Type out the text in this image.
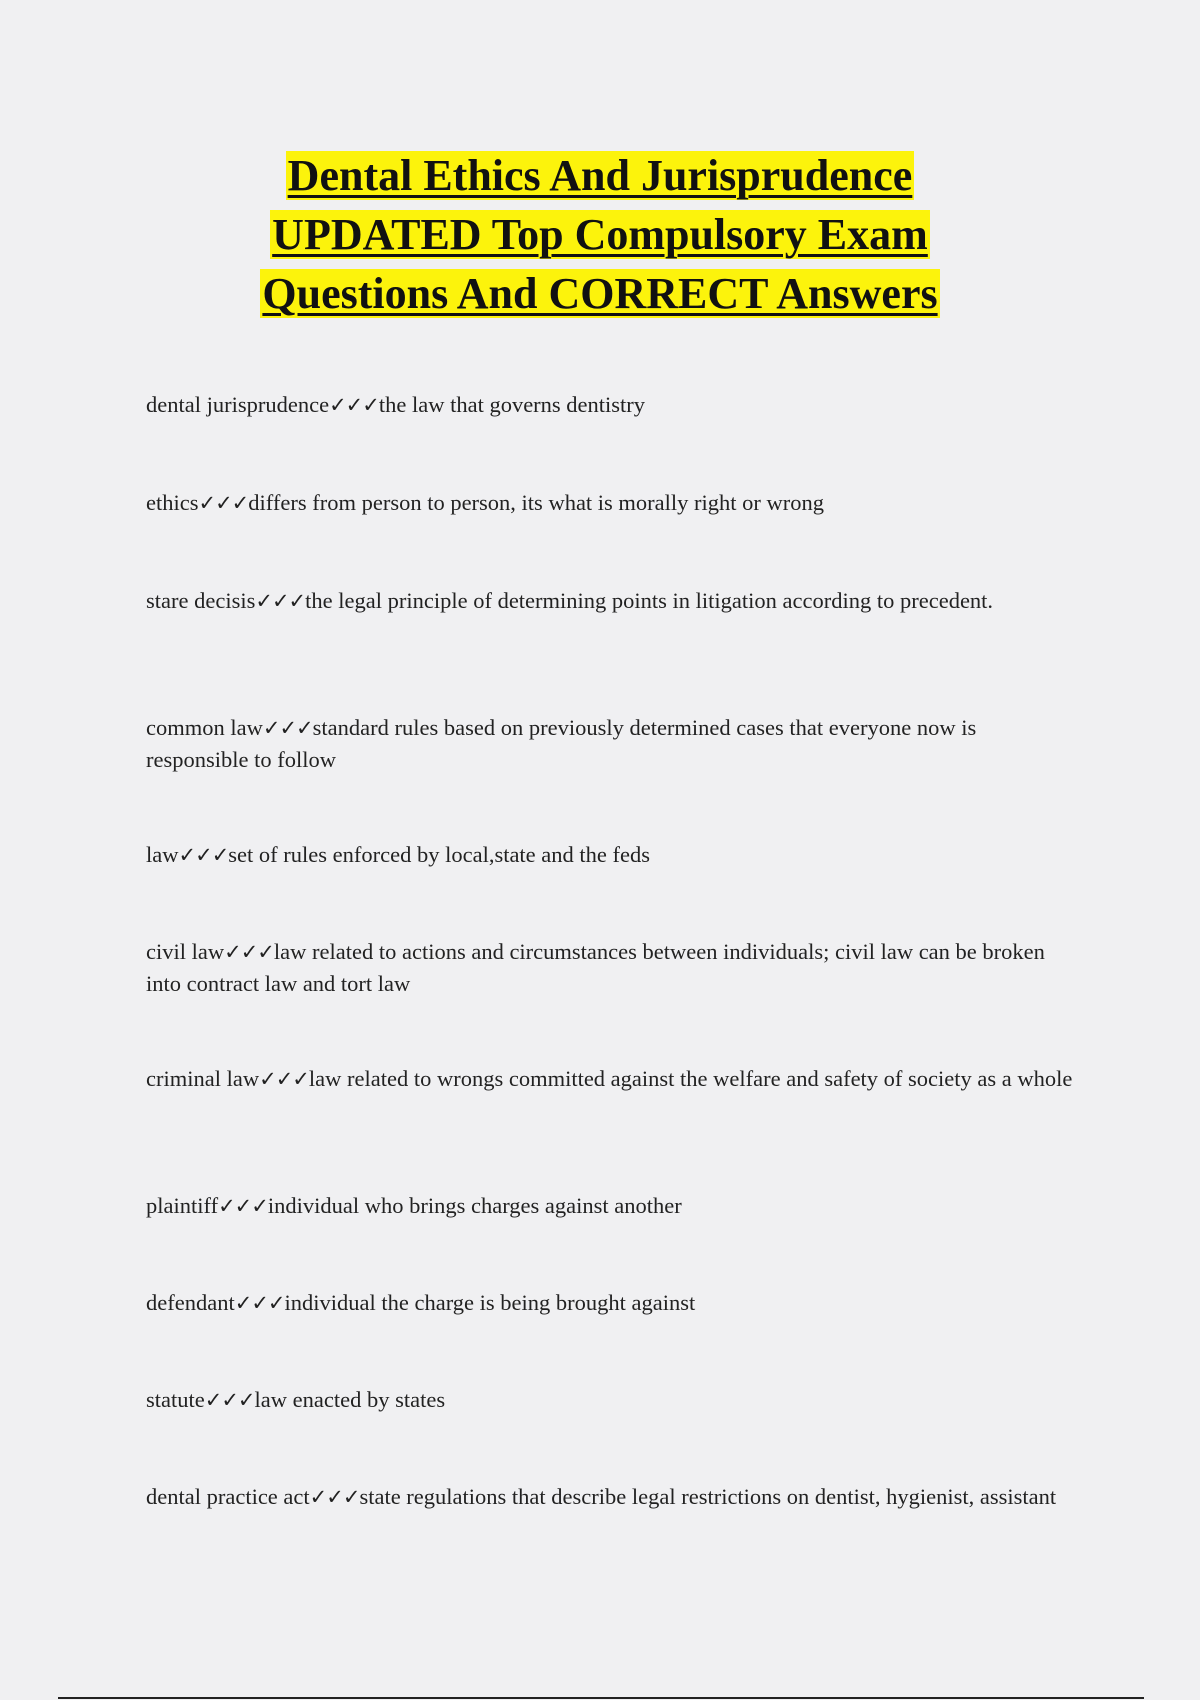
Dental Ethics And Jurisprudence
UPDATED Top Compulsory Exam
Questions And CORRECT Answers
dental jurisprudence✓✓✓the law that governs dentistry
ethics✓✓✓differs from person to person, its what is morally right or wrong
stare decisis✓✓✓the legal principle of determining points in litigation according to precedent.
common law✓✓✓standard rules based on previously determined cases that everyone now is responsible to follow
law✓✓✓set of rules enforced by local,state and the feds
civil law✓✓✓law related to actions and circumstances between individuals; civil law can be broken into contract law and tort law
criminal law✓✓✓law related to wrongs committed against the welfare and safety of society as a whole
plaintiff✓✓✓individual who brings charges against another
defendant✓✓✓individual the charge is being brought against
statute✓✓✓law enacted by states
dental practice act✓✓✓state regulations that describe legal restrictions on dentist, hygienist, assistant
